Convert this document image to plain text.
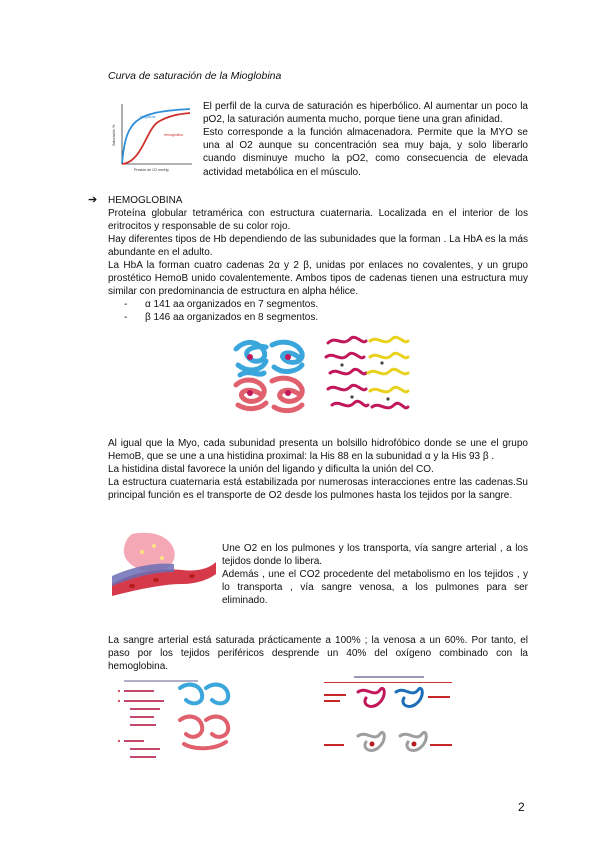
Curva de saturación de la Mioglobina
Mioglobina
Hemoglobina
Saturación %
Presión de O2 mmHg
El perfil de la curva de saturación es hiperbólico. Al aumentar un poco la pO2, la saturación aumenta mucho, porque tiene una gran afinidad.
Esto corresponde a la función almacenadora. Permite que la MYO se una al O2 aunque su concentración sea muy baja, y solo liberarlo cuando disminuye mucho la pO2, como consecuencia de elevada actividad metabólica en el músculo.
➔ HEMOGLOBINA
Proteína globular tetramérica con estructura cuaternaria. Localizada en el interior de los eritrocitos y responsable de su color rojo.
Hay diferentes tipos de Hb dependiendo de las subunidades que la forman . La HbA es la más abundante en el adulto.
La HbA la forman cuatro cadenas 2α y 2 β, unidas por enlaces no covalentes, y un grupo prostético HemoB unido covalentemente. Ambos tipos de cadenas tienen una estructura muy similar con predominancia de estructura en alpha hélice.
- α 141 aa organizados en 7 segmentos.
- β 146 aa organizados en 8 segmentos.
Al igual que la Myo, cada subunidad presenta un bolsillo hidrofóbico donde se une el grupo HemoB, que se une a una histidina proximal: la His 88 en la subunidad α y la His 93 β .
La histidina distal favorece la unión del ligando y dificulta la unión del CO.
La estructura cuaternaria está estabilizada por numerosas interacciones entre las cadenas.Su principal función es el transporte de O2 desde los pulmones hasta los tejidos por la sangre.
Une O2 en los pulmones y los transporta, vía sangre arterial , a los tejidos donde lo libera.
Además , une el CO2 procedente del metabolismo en los tejidos , y lo transporta , vía sangre venosa, a los pulmones para ser eliminado.
La sangre arterial está saturada prácticamente a 100% ; la venosa a un 60%. Por tanto, el paso por los tejidos periféricos desprende un 40% del oxígeno combinado con la hemoglobina.
2
